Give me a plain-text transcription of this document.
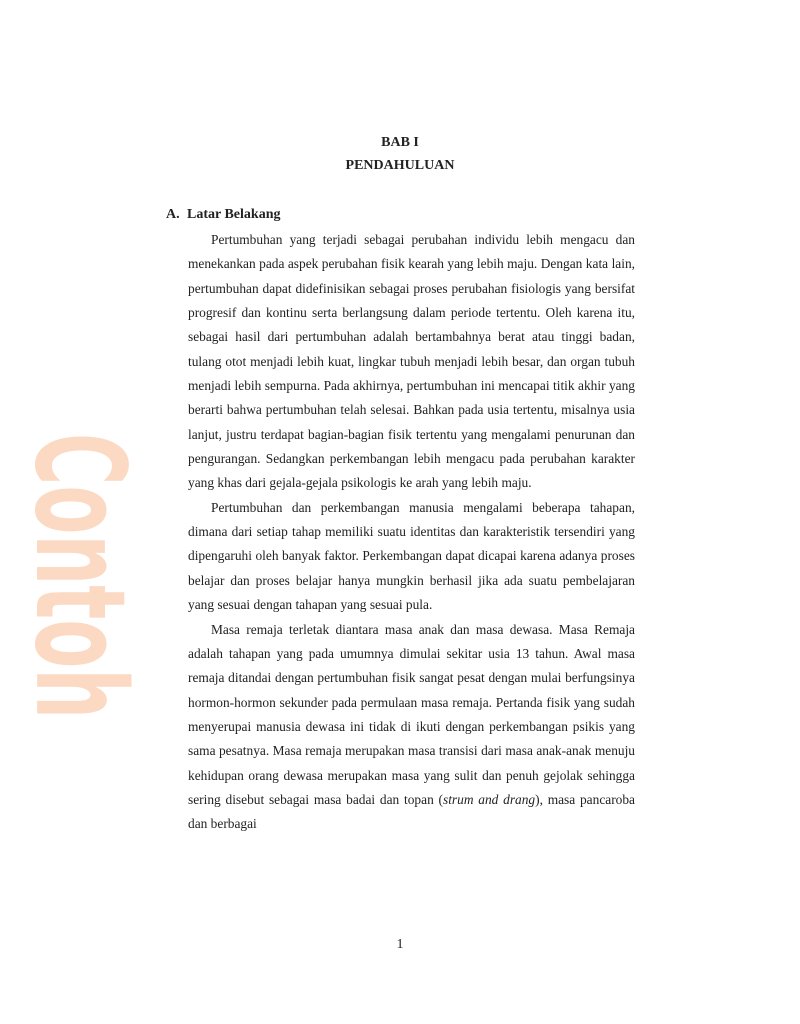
Contoh
BAB I
PENDAHULUAN
A. Latar Belakang

Pertumbuhan yang terjadi sebagai perubahan individu lebih mengacu dan menekankan pada aspek perubahan fisik kearah yang lebih maju. Dengan kata lain, pertumbuhan dapat didefinisikan sebagai proses perubahan fisiologis yang bersifat progresif dan kontinu serta berlangsung dalam periode tertentu. Oleh karena itu, sebagai hasil dari pertumbuhan adalah bertambahnya berat atau tinggi badan, tulang otot menjadi lebih kuat, lingkar tubuh menjadi lebih besar, dan organ tubuh menjadi lebih sempurna. Pada akhirnya, pertumbuhan ini mencapai titik akhir yang berarti bahwa pertumbuhan telah selesai. Bahkan pada usia tertentu, misalnya usia lanjut, justru terdapat bagian-bagian fisik tertentu yang mengalami penurunan dan pengurangan. Sedangkan perkembangan lebih mengacu pada perubahan karakter yang khas dari gejala-gejala psikologis ke arah yang lebih maju.

Pertumbuhan dan perkembangan manusia mengalami beberapa tahapan, dimana dari setiap tahap memiliki suatu identitas dan karakteristik tersendiri yang dipengaruhi oleh banyak faktor. Perkembangan dapat dicapai karena adanya proses belajar dan proses belajar hanya mungkin berhasil jika ada suatu pembelajaran yang sesuai dengan tahapan yang sesuai pula.

Masa remaja terletak diantara masa anak dan masa dewasa. Masa Remaja adalah tahapan yang pada umumnya dimulai sekitar usia 13 tahun. Awal masa remaja ditandai dengan pertumbuhan fisik sangat pesat dengan mulai berfungsinya hormon-hormon sekunder pada permulaan masa remaja. Pertanda fisik yang sudah menyerupai manusia dewasa ini tidak di ikuti dengan perkembangan psikis yang sama pesatnya. Masa remaja merupakan masa transisi dari masa anak-anak menuju kehidupan orang dewasa merupakan masa yang sulit dan penuh gejolak sehingga sering disebut sebagai masa badai dan topan (strum and drang), masa pancaroba dan berbagai

1
